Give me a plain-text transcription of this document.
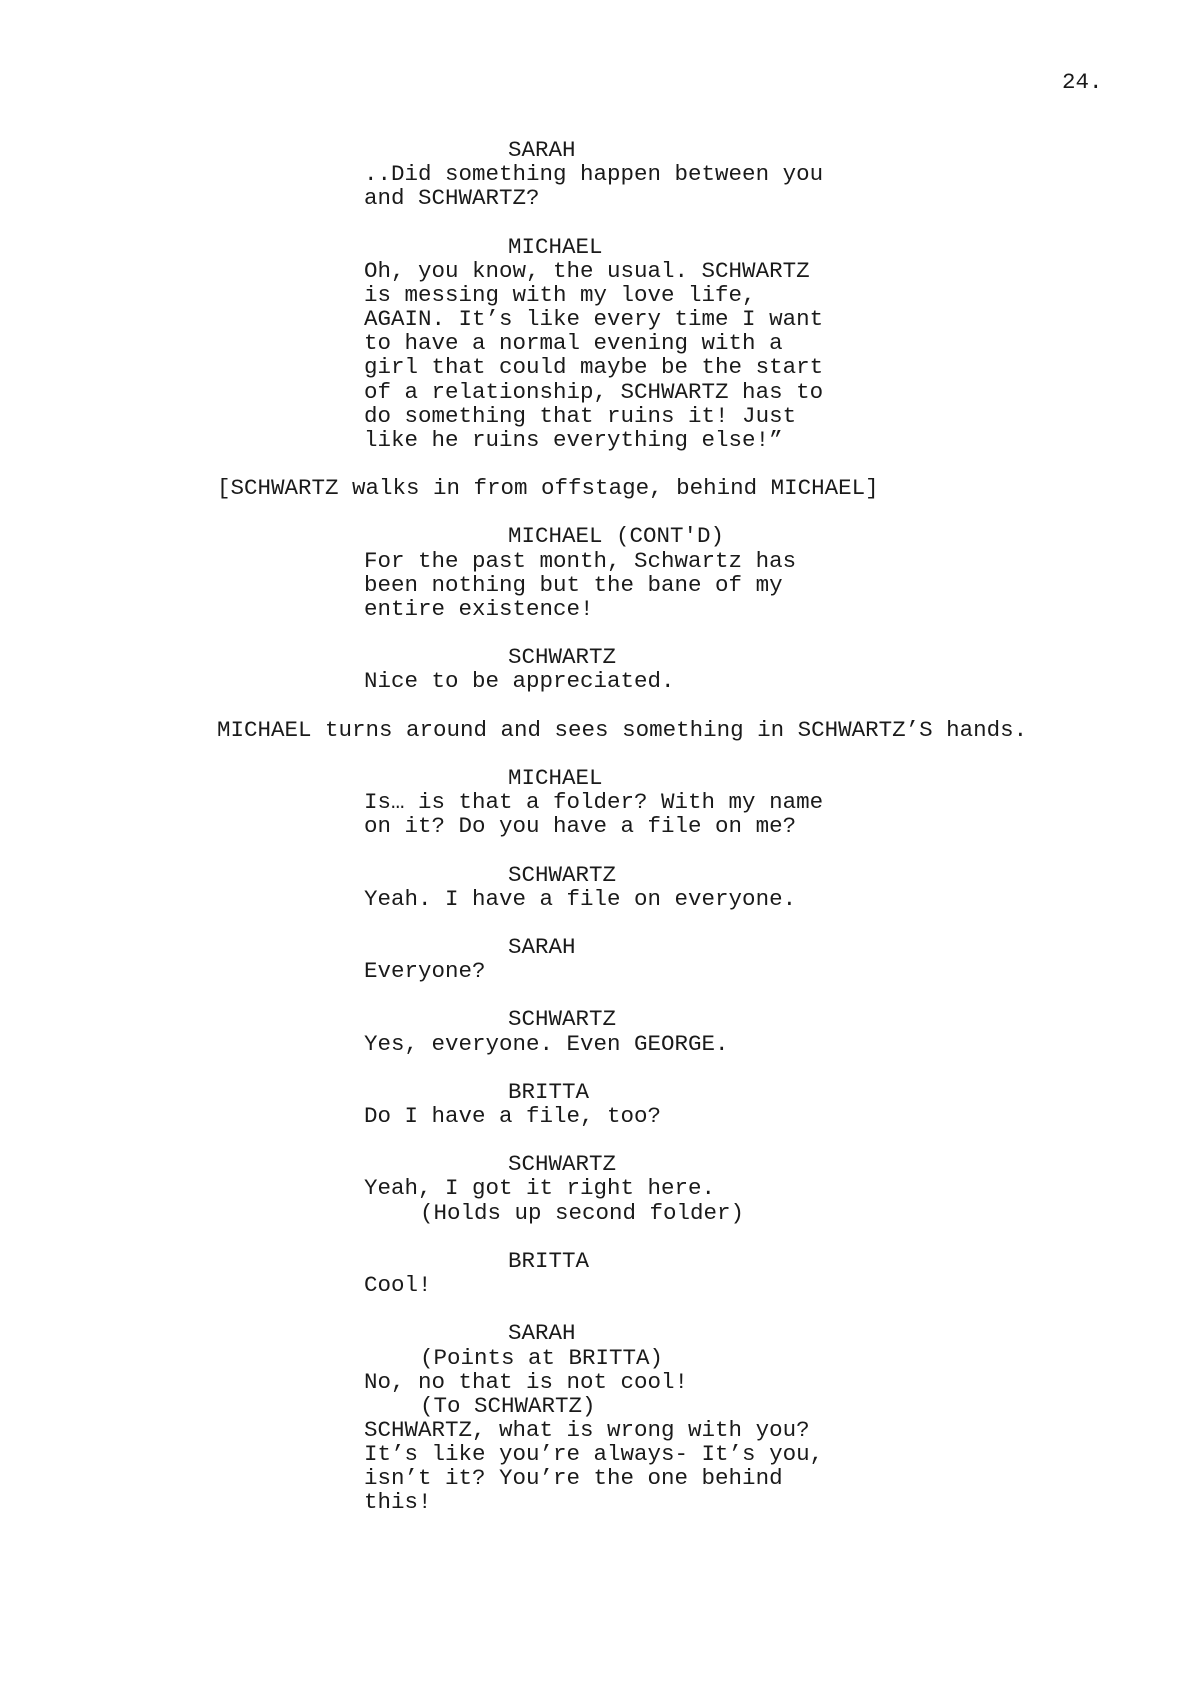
24.
SARAH
..Did something happen between you
and SCHWARTZ?
MICHAEL
Oh, you know, the usual. SCHWARTZ
is messing with my love life,
AGAIN. It’s like every time I want
to have a normal evening with a
girl that could maybe be the start
of a relationship, SCHWARTZ has to
do something that ruins it! Just
like he ruins everything else!”
[SCHWARTZ walks in from offstage, behind MICHAEL]
MICHAEL (CONT'D)
For the past month, Schwartz has
been nothing but the bane of my
entire existence!
SCHWARTZ
Nice to be appreciated.
MICHAEL turns around and sees something in SCHWARTZ’S hands.
MICHAEL
Is… is that a folder? With my name
on it? Do you have a file on me?
SCHWARTZ
Yeah. I have a file on everyone.
SARAH
Everyone?
SCHWARTZ
Yes, everyone. Even GEORGE.
BRITTA
Do I have a file, too?
SCHWARTZ
Yeah, I got it right here.
(Holds up second folder)
BRITTA
Cool!
SARAH
(Points at BRITTA)
No, no that is not cool!
(To SCHWARTZ)
SCHWARTZ, what is wrong with you?
It’s like you’re always- It’s you,
isn’t it? You’re the one behind
this!
